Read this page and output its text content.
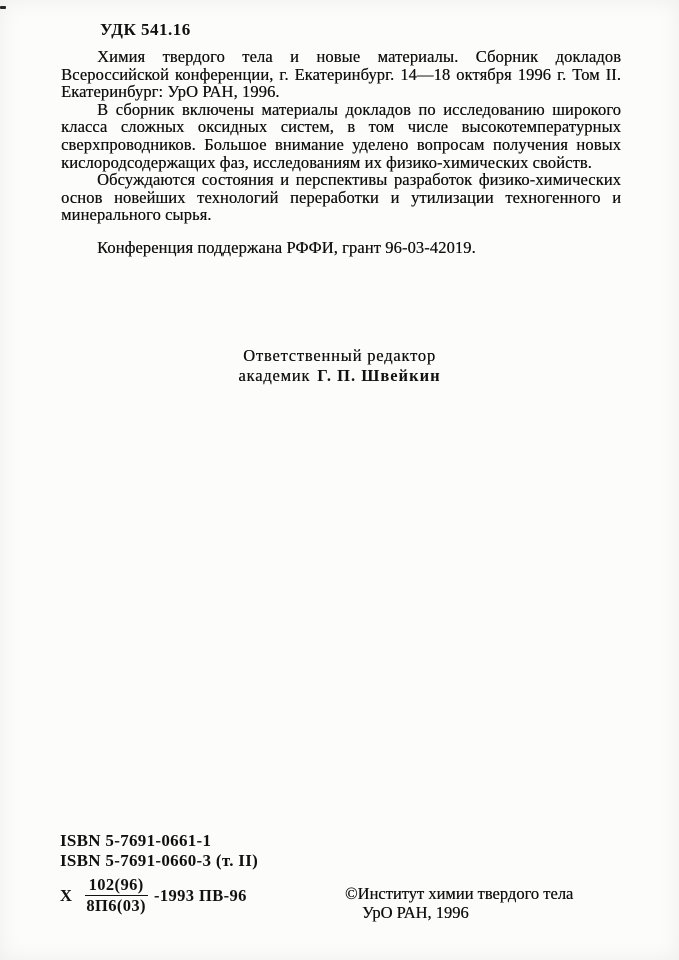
УДК 541.16

Химия твердого тела и новые материалы. Сборник докладов Всероссийской конференции, г. Екатеринбург. 14—18 октября 1996 г. Том II. Екатеринбург: УрО РАН, 1996.

В сборник включены материалы докладов по исследованию широкого класса сложных оксидных систем, в том числе высокотемпературных сверхпроводников. Большое внимание уделено вопросам получения новых кислородсодержащих фаз, исследованиям их физико-химических свойств.

Обсуждаются состояния и перспективы разработок физико-химических основ новейших технологий переработки и утилизации техногенного и минерального сырья.

Конференция поддержана РФФИ, грант 96-03-42019.

Ответственный редактор
академик Г. П. Швейкин
ISBN 5-7691-0661-1
ISBN 5-7691-0660-3 (т. II)
Х $\frac{102(96)}{8П6(03)} -1993$ ПВ-96	©Институт химии твердого тела
УрО РАН, 1996
